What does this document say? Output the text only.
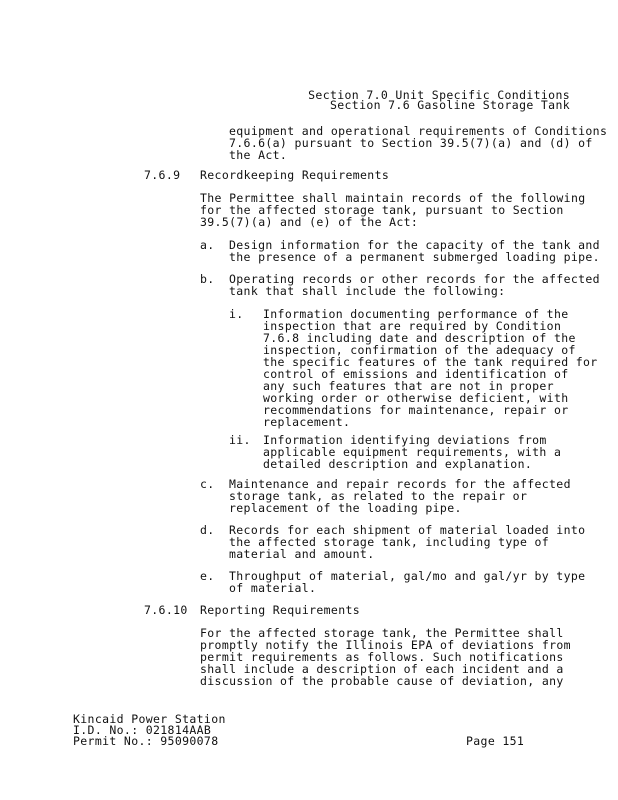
Section 7.0 Unit Specific Conditions
Section 7.6 Gasoline Storage Tank
equipment and operational requirements of Conditions
7.6.6(a) pursuant to Section 39.5(7)(a) and (d) of
the Act.
7.6.9 Recordkeeping Requirements
The Permittee shall maintain records of the following
for the affected storage tank, pursuant to Section
39.5(7)(a) and (e) of the Act:
a. Design information for the capacity of the tank and
the presence of a permanent submerged loading pipe.
b. Operating records or other records for the affected
tank that shall include the following:
i. Information documenting performance of the
inspection that are required by Condition
7.6.8 including date and description of the
inspection, confirmation of the adequacy of
the specific features of the tank required for
control of emissions and identification of
any such features that are not in proper
working order or otherwise deficient, with
recommendations for maintenance, repair or
replacement.
ii. Information identifying deviations from
applicable equipment requirements, with a
detailed description and explanation.
c. Maintenance and repair records for the affected
storage tank, as related to the repair or
replacement of the loading pipe.
d. Records for each shipment of material loaded into
the affected storage tank, including type of
material and amount.
e. Throughput of material, gal/mo and gal/yr by type
of material.
7.6.10 Reporting Requirements
For the affected storage tank, the Permittee shall
promptly notify the Illinois EPA of deviations from
permit requirements as follows. Such notifications
shall include a description of each incident and a
discussion of the probable cause of deviation, any
Kincaid Power Station
I.D. No.: 021814AAB
Permit No.: 95090078	Page 151
